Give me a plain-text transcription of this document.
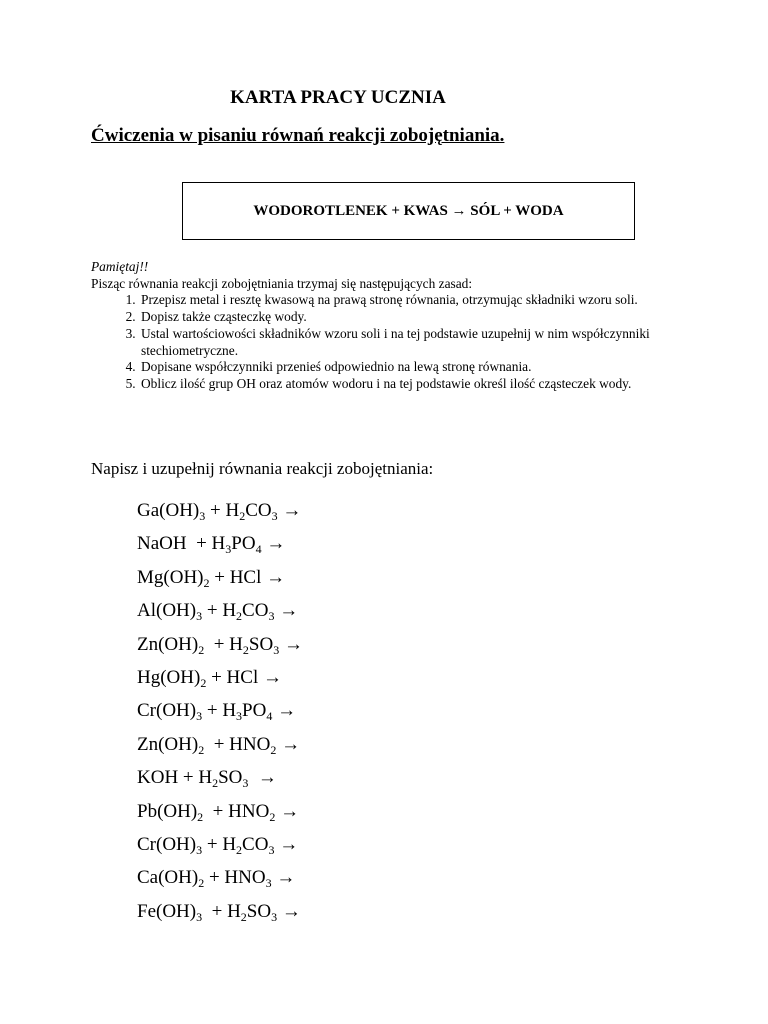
KARTA PRACY UCZNIA
Ćwiczenia w pisaniu równań reakcji zobojętniania.
WODOROTLENEK + KWAS → SÓL + WODA
Pamiętaj!!
Pisząc równania reakcji zobojętniania trzymaj się następujących zasad:
1. Przepisz metal i resztę kwasową na prawą stronę równania, otrzymując składniki wzoru soli.
2. Dopisz także cząsteczkę wody.
3. Ustal wartościowości składników wzoru soli i na tej podstawie uzupełnij w nim współczynniki stechiometryczne.
4. Dopisane współczynniki przenieś odpowiednio na lewą stronę równania.
5. Oblicz ilość grup OH oraz atomów wodoru i na tej podstawie określ ilość cząsteczek wody.

Napisz i uzupełnij równania reakcji zobojętniania:

$Ga(OH)_3 + H_2CO_3$ →
NaOH  + $H_3PO_4$ →
$Mg(OH)_2$ + HCl →
$Al(OH)_3 + H_2CO_3$ →
$Zn(OH)_2 + H_2SO_3$ →
$Hg(OH)_2$ + HCl →
$Cr(OH)_3 + H_3PO_4$ →
$Zn(OH)_2 + HNO_2$ →
KOH + $H_2SO_3$  →
$Pb(OH)_2 + HNO_2$ →
$Cr(OH)_3 + H_2CO_3$ →
$Ca(OH)_2 + HNO_3$ →
$Fe(OH)_3 + H_2SO_3$ →
